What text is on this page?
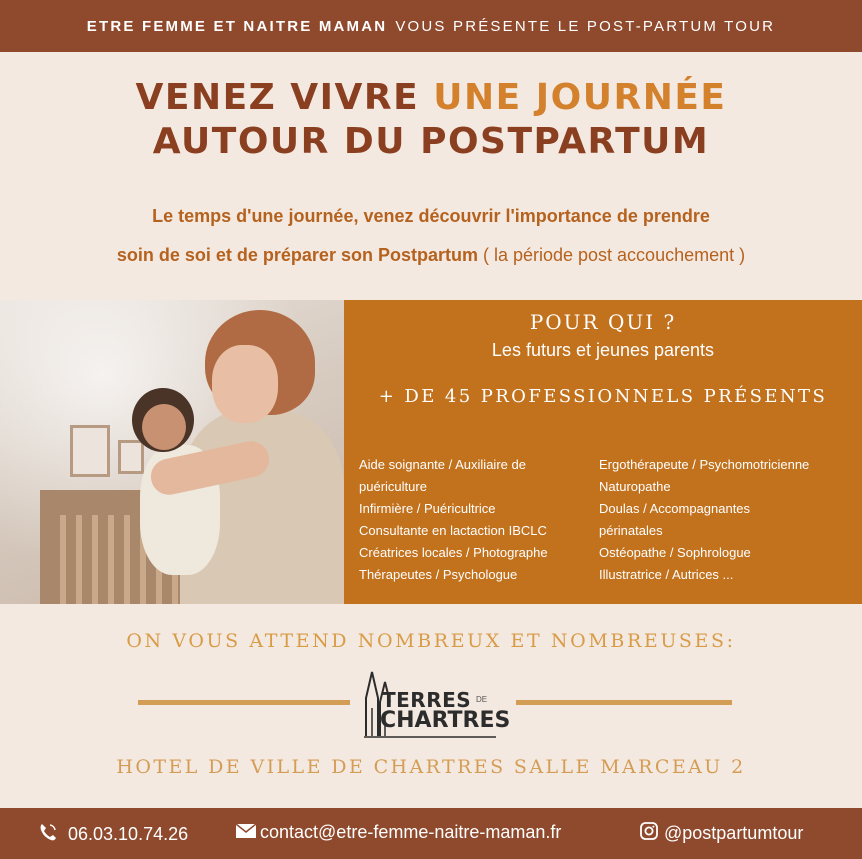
ETRE FEMME ET NAITRE MAMAN VOUS PRÉSENTE LE POST-PARTUM TOUR
VENEZ VIVRE UNE JOURNÉE
AUTOUR DU POSTPARTUM
Le temps d'une journée, venez découvrir l'importance de prendre
soin de soi et de préparer son Postpartum ( la période post accouchement )
POUR QUI ?
Les futurs et jeunes parents
+ DE 45 PROFESSIONNELS PRÉSENTS
Aide soignante / Auxiliaire de
puériculture
Infirmière / Puéricultrice
Consultante en lactaction IBCLC
Créatrices locales / Photographe
Thérapeutes / Psychologue
Ergothérapeute / Psychomotricienne
Naturopathe
Doulas / Accompagnantes
périnatales
Ostéopathe / Sophrologue
Illustratrice / Autrices ...
ON VOUS ATTEND NOMBREUX ET NOMBREUSES:
TERRES DE
CHARTRES
HOTEL DE VILLE DE CHARTRES SALLE MARCEAU 2
06.03.10.74.26	contact@etre-femme-naitre-maman.fr	@postpartumtour
